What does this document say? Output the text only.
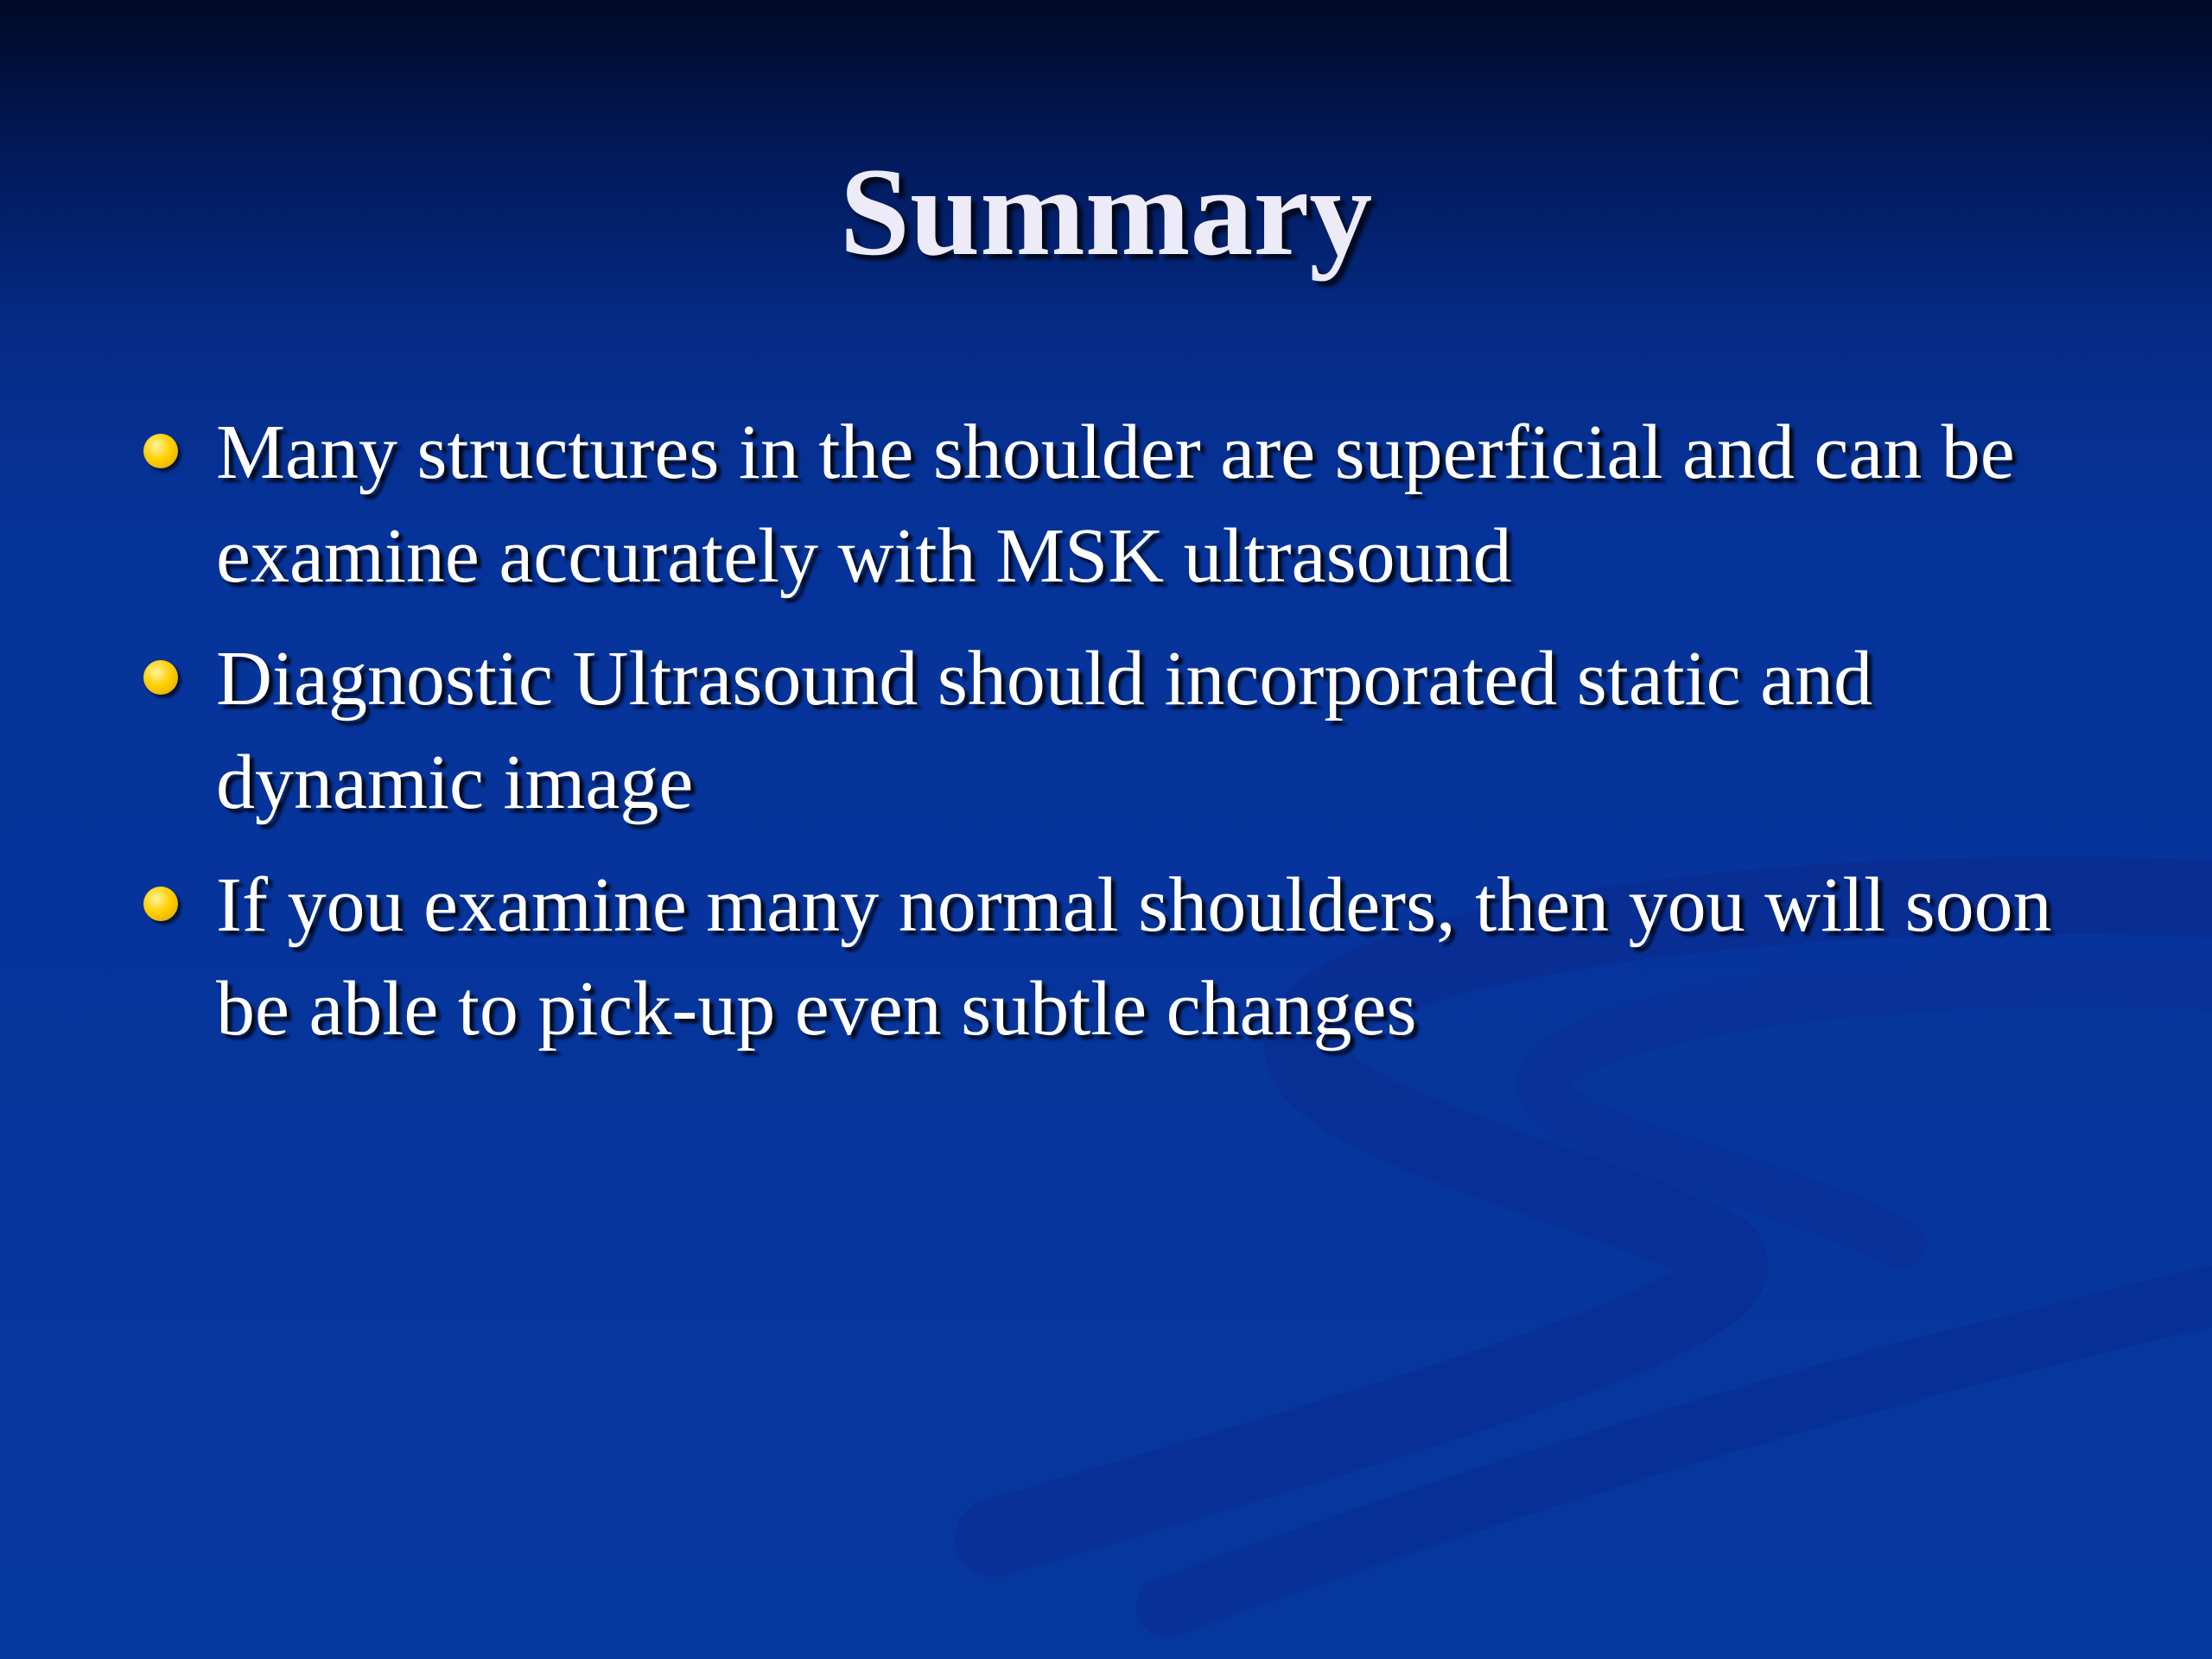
Summary
Many structures in the shoulder are superficial and can be examine accurately with MSK ultrasound
Diagnostic Ultrasound should incorporated static and dynamic image
If you examine many normal shoulders, then you will soon be able to pick-up even subtle changes
